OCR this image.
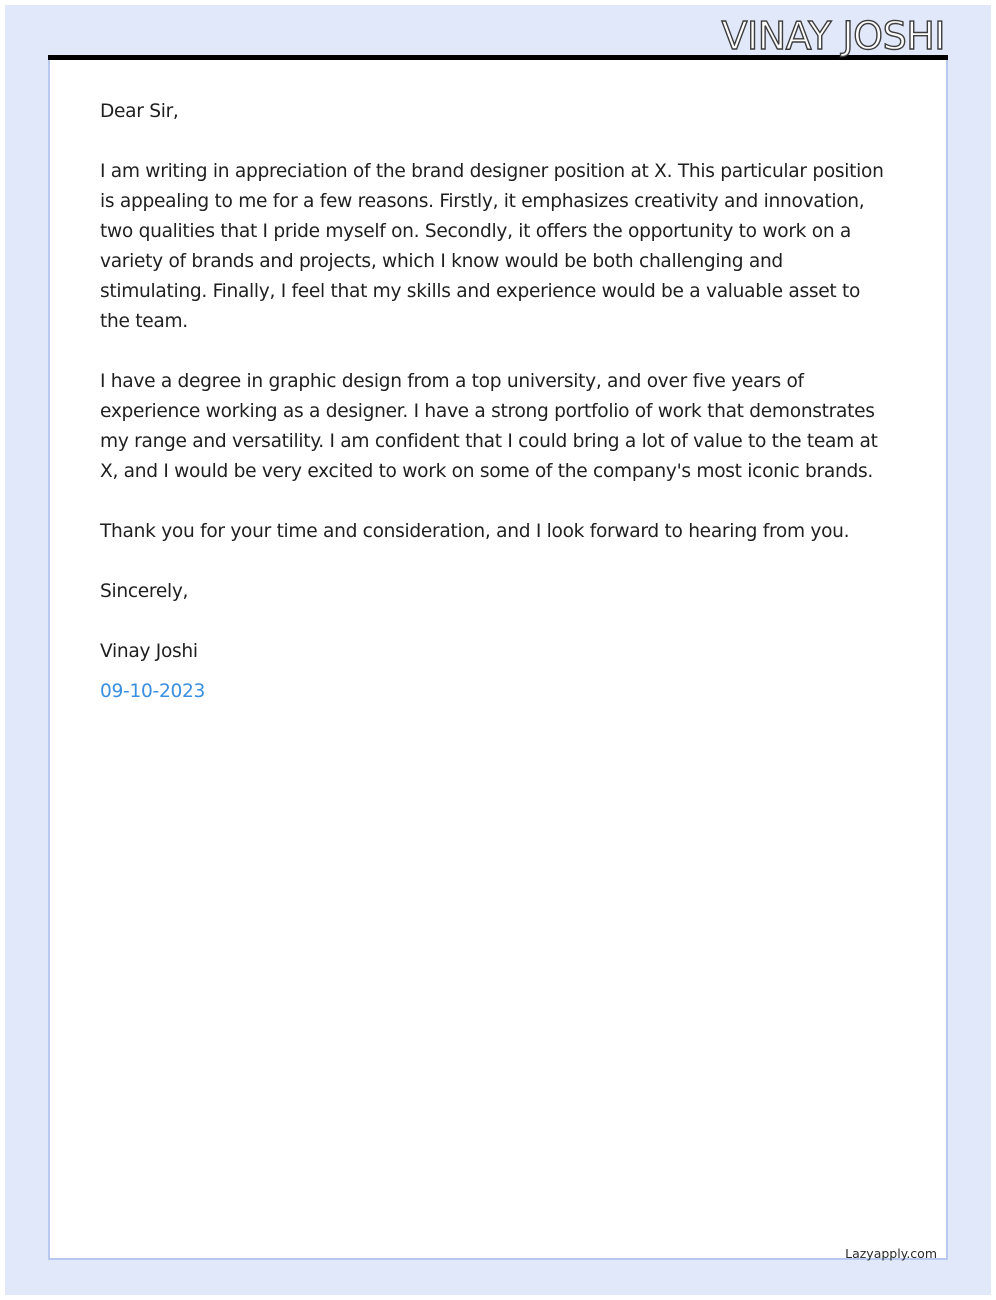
VINAY JOSHI

Dear Sir,

I am writing in appreciation of the brand designer position at X. This particular position is appealing to me for a few reasons. Firstly, it emphasizes creativity and innovation, two qualities that I pride myself on. Secondly, it offers the opportunity to work on a variety of brands and projects, which I know would be both challenging and stimulating. Finally, I feel that my skills and experience would be a valuable asset to the team.

I have a degree in graphic design from a top university, and over five years of experience working as a designer. I have a strong portfolio of work that demonstrates my range and versatility. I am confident that I could bring a lot of value to the team at X, and I would be very excited to work on some of the company's most iconic brands.

Thank you for your time and consideration, and I look forward to hearing from you.

Sincerely,

Vinay Joshi

09-10-2023

Lazyapply.com
